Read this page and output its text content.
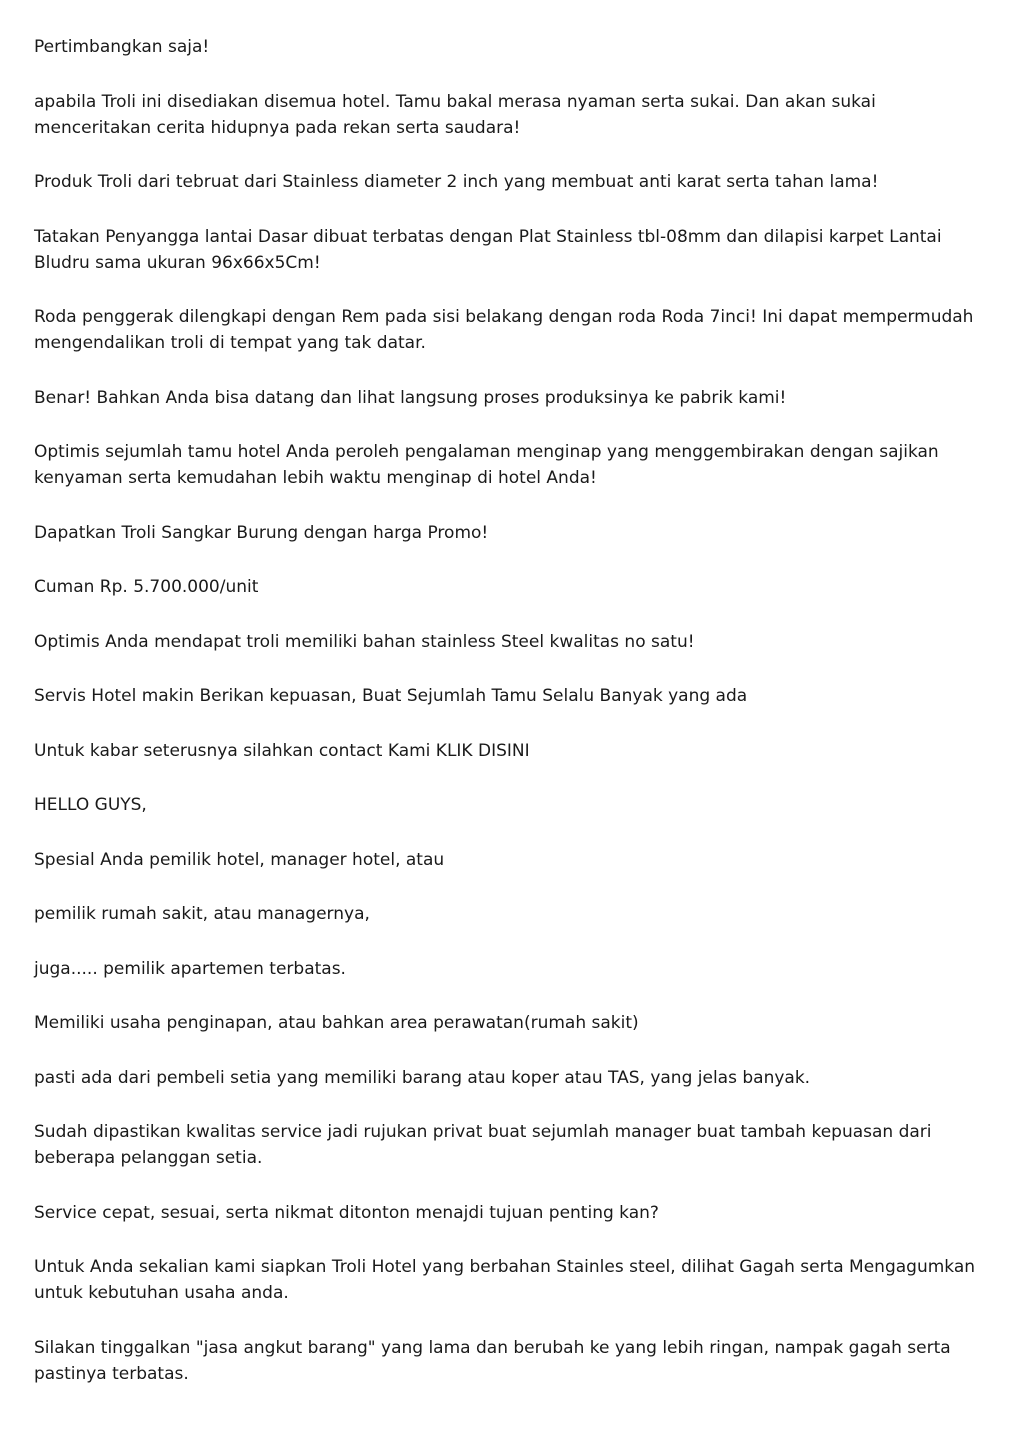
Pertimbangkan saja!

apabila Troli ini disediakan disemua hotel. Tamu bakal merasa nyaman serta sukai. Dan akan sukai menceritakan cerita hidupnya pada rekan serta saudara!

Produk Troli dari tebruat dari Stainless diameter 2 inch yang membuat anti karat serta tahan lama!

Tatakan Penyangga lantai Dasar dibuat terbatas dengan Plat Stainless tbl-08mm dan dilapisi karpet Lantai Bludru sama ukuran 96x66x5Cm!

Roda penggerak dilengkapi dengan Rem pada sisi belakang dengan roda Roda 7inci! Ini dapat mempermudah mengendalikan troli di tempat yang tak datar.

Benar! Bahkan Anda bisa datang dan lihat langsung proses produksinya ke pabrik kami!

Optimis sejumlah tamu hotel Anda peroleh pengalaman menginap yang menggembirakan dengan sajikan kenyaman serta kemudahan lebih waktu menginap di hotel Anda!

Dapatkan Troli Sangkar Burung dengan harga Promo!

Cuman Rp. 5.700.000/unit

Optimis Anda mendapat troli memiliki bahan stainless Steel kwalitas no satu!

Servis Hotel makin Berikan kepuasan, Buat Sejumlah Tamu Selalu Banyak yang ada

Untuk kabar seterusnya silahkan contact Kami KLIK DISINI

HELLO GUYS,

Spesial Anda pemilik hotel, manager hotel, atau

pemilik rumah sakit, atau managernya,

juga..... pemilik apartemen terbatas.

Memiliki usaha penginapan, atau bahkan area perawatan(rumah sakit)

pasti ada dari pembeli setia yang memiliki barang atau koper atau TAS, yang jelas banyak.

Sudah dipastikan kwalitas service jadi rujukan privat buat sejumlah manager buat tambah kepuasan dari beberapa pelanggan setia.

Service cepat, sesuai, serta nikmat ditonton menajdi tujuan penting kan?

Untuk Anda sekalian kami siapkan Troli Hotel yang berbahan Stainles steel, dilihat Gagah serta Mengagumkan untuk kebutuhan usaha anda.

Silakan tinggalkan "jasa angkut barang" yang lama dan berubah ke yang lebih ringan, nampak gagah serta pastinya terbatas.
